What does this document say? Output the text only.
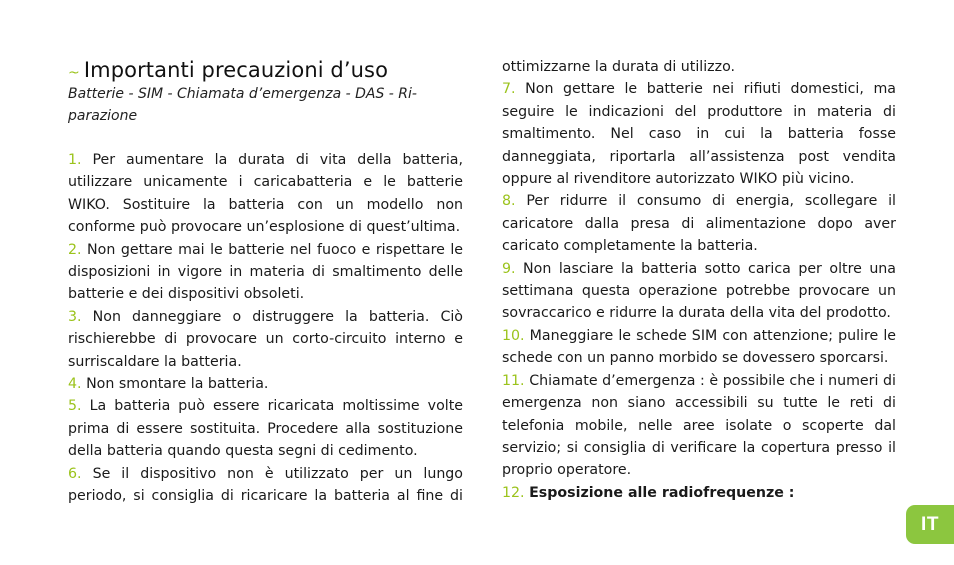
~ Importanti precauzioni d’uso
Batterie - SIM - Chiamata d’emergenza - DAS - Ri-parazione
1. Per aumentare la durata di vita della batteria, utilizzare unicamente i caricabatteria e le batterie WIKO. Sostituire la batteria con un modello non conforme può provocare un’esplosione di quest’ultima.
2. Non gettare mai le batterie nel fuoco e rispettare le disposizioni in vigore in materia di smaltimento delle batterie e dei dispositivi obsoleti.
3. Non danneggiare o distruggere la batteria. Ciò rischierebbe di provocare un corto-circuito interno e surriscaldare la batteria.
4. Non smontare la batteria.
5. La batteria può essere ricaricata moltissime volte prima di essere sostituita. Procedere alla sostituzione della batteria quando questa segni di cedimento.
6. Se il dispositivo non è utilizzato per un lungo periodo, si consiglia di ricaricare la batteria al fine di
ottimizzarne la durata di utilizzo.
7. Non gettare le batterie nei rifiuti domestici, ma seguire le indicazioni del produttore in materia di smaltimento. Nel caso in cui la batteria fosse danneggiata, riportarla all’assistenza post vendita oppure al rivenditore autorizzato WIKO più vicino.
8. Per ridurre il consumo di energia, scollegare il caricatore dalla presa di alimentazione dopo aver caricato completamente la batteria.
9. Non lasciare la batteria sotto carica per oltre una settimana questa operazione potrebbe provocare un sovraccarico e ridurre la durata della vita del prodotto.
10. Maneggiare le schede SIM con attenzione; pulire le schede con un panno morbido se dovessero sporcarsi.
11. Chiamate d’emergenza : è possibile che i numeri di emergenza non siano accessibili su tutte le reti di telefonia mobile, nelle aree isolate o scoperte dal servizio; si consiglia di verificare la copertura presso il proprio operatore.
12. Esposizione alle radiofrequenze :
IT
